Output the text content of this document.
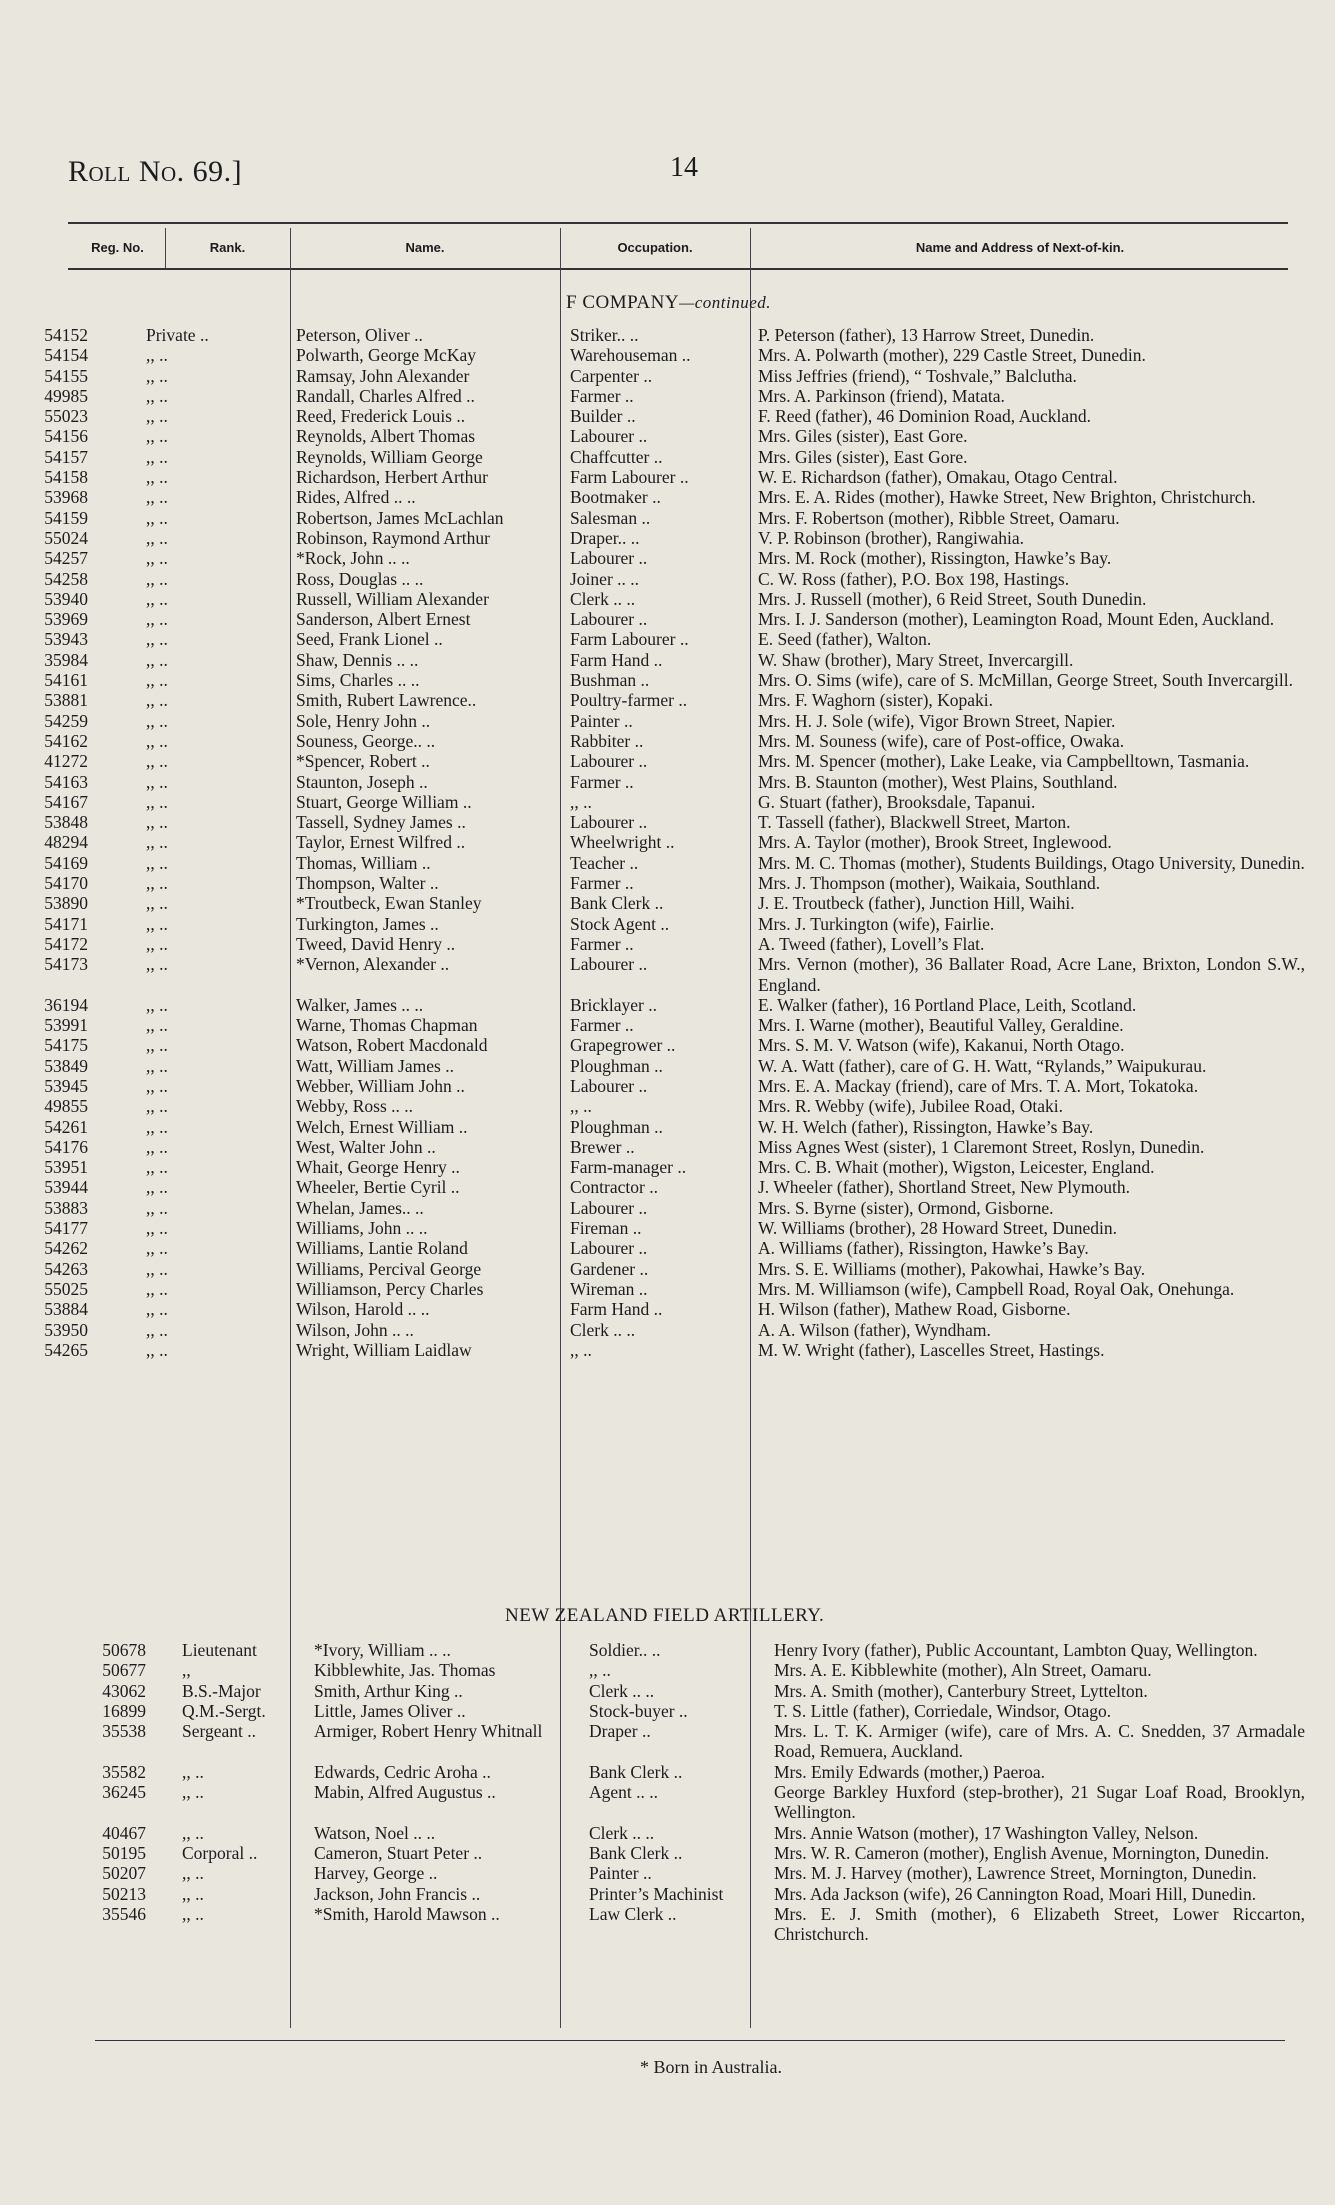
Roll No. 69.]	14
Reg. No.	Rank.	Name.	Occupation.	Name and Address of Next-of-kin.
F COMPANY—continued.
54152	Private ..	Peterson, Oliver ..	Striker.. ..	P. Peterson (father), 13 Harrow Street, Dunedin.
54154	,, ..	Polwarth, George McKay	Warehouseman ..	Mrs. A. Polwarth (mother), 229 Castle Street, Dunedin.
54155	,, ..	Ramsay, John Alexander	Carpenter ..	Miss Jeffries (friend), “ Toshvale,” Balclutha.
49985	,, ..	Randall, Charles Alfred ..	Farmer ..	Mrs. A. Parkinson (friend), Matata.
55023	,, ..	Reed, Frederick Louis ..	Builder ..	F. Reed (father), 46 Dominion Road, Auckland.
54156	,, ..	Reynolds, Albert Thomas	Labourer ..	Mrs. Giles (sister), East Gore.
54157	,, ..	Reynolds, William George	Chaffcutter ..	Mrs. Giles (sister), East Gore.
54158	,, ..	Richardson, Herbert Arthur	Farm Labourer ..	W. E. Richardson (father), Omakau, Otago Central.
53968	,, ..	Rides, Alfred .. ..	Bootmaker ..	Mrs. E. A. Rides (mother), Hawke Street, New Brighton, Christchurch.
54159	,, ..	Robertson, James McLachlan	Salesman ..	Mrs. F. Robertson (mother), Ribble Street, Oamaru.
55024	,, ..	Robinson, Raymond Arthur	Draper.. ..	V. P. Robinson (brother), Rangiwahia.
54257	,, ..	*Rock, John .. ..	Labourer ..	Mrs. M. Rock (mother), Rissington, Hawke’s Bay.
54258	,, ..	Ross, Douglas .. ..	Joiner .. ..	C. W. Ross (father), P.O. Box 198, Hastings.
53940	,, ..	Russell, William Alexander	Clerk .. ..	Mrs. J. Russell (mother), 6 Reid Street, South Dunedin.
53969	,, ..	Sanderson, Albert Ernest	Labourer ..	Mrs. I. J. Sanderson (mother), Leamington Road, Mount Eden, Auckland.
53943	,, ..	Seed, Frank Lionel ..	Farm Labourer ..	E. Seed (father), Walton.
35984	,, ..	Shaw, Dennis .. ..	Farm Hand ..	W. Shaw (brother), Mary Street, Invercargill.
54161	,, ..	Sims, Charles .. ..	Bushman ..	Mrs. O. Sims (wife), care of S. McMillan, George Street, South Invercargill.
53881	,, ..	Smith, Rubert Lawrence..	Poultry-farmer ..	Mrs. F. Waghorn (sister), Kopaki.
54259	,, ..	Sole, Henry John ..	Painter ..	Mrs. H. J. Sole (wife), Vigor Brown Street, Napier.
54162	,, ..	Souness, George.. ..	Rabbiter ..	Mrs. M. Souness (wife), care of Post-office, Owaka.
41272	,, ..	*Spencer, Robert ..	Labourer ..	Mrs. M. Spencer (mother), Lake Leake, via Campbelltown, Tasmania.
54163	,, ..	Staunton, Joseph ..	Farmer ..	Mrs. B. Staunton (mother), West Plains, Southland.
54167	,, ..	Stuart, George William ..	,, ..	G. Stuart (father), Brooksdale, Tapanui.
53848	,, ..	Tassell, Sydney James ..	Labourer ..	T. Tassell (father), Blackwell Street, Marton.
48294	,, ..	Taylor, Ernest Wilfred ..	Wheelwright ..	Mrs. A. Taylor (mother), Brook Street, Inglewood.
54169	,, ..	Thomas, William ..	Teacher ..	Mrs. M. C. Thomas (mother), Students Buildings, Otago University, Dunedin.
54170	,, ..	Thompson, Walter ..	Farmer ..	Mrs. J. Thompson (mother), Waikaia, Southland.
53890	,, ..	*Troutbeck, Ewan Stanley	Bank Clerk ..	J. E. Troutbeck (father), Junction Hill, Waihi.
54171	,, ..	Turkington, James ..	Stock Agent ..	Mrs. J. Turkington (wife), Fairlie.
54172	,, ..	Tweed, David Henry ..	Farmer ..	A. Tweed (father), Lovell’s Flat.
54173	,, ..	*Vernon, Alexander ..	Labourer ..	Mrs. Vernon (mother), 36 Ballater Road, Acre Lane, Brixton, London S.W., England.
36194	,, ..	Walker, James .. ..	Bricklayer ..	E. Walker (father), 16 Portland Place, Leith, Scotland.
53991	,, ..	Warne, Thomas Chapman	Farmer ..	Mrs. I. Warne (mother), Beautiful Valley, Geraldine.
54175	,, ..	Watson, Robert Macdonald	Grapegrower ..	Mrs. S. M. V. Watson (wife), Kakanui, North Otago.
53849	,, ..	Watt, William James ..	Ploughman ..	W. A. Watt (father), care of G. H. Watt, “Rylands,” Waipukurau.
53945	,, ..	Webber, William John ..	Labourer ..	Mrs. E. A. Mackay (friend), care of Mrs. T. A. Mort, Tokatoka.
49855	,, ..	Webby, Ross .. ..	,, ..	Mrs. R. Webby (wife), Jubilee Road, Otaki.
54261	,, ..	Welch, Ernest William ..	Ploughman ..	W. H. Welch (father), Rissington, Hawke’s Bay.
54176	,, ..	West, Walter John ..	Brewer ..	Miss Agnes West (sister), 1 Claremont Street, Roslyn, Dunedin.
53951	,, ..	Whait, George Henry ..	Farm-manager ..	Mrs. C. B. Whait (mother), Wigston, Leicester, England.
53944	,, ..	Wheeler, Bertie Cyril ..	Contractor ..	J. Wheeler (father), Shortland Street, New Plymouth.
53883	,, ..	Whelan, James.. ..	Labourer ..	Mrs. S. Byrne (sister), Ormond, Gisborne.
54177	,, ..	Williams, John .. ..	Fireman ..	W. Williams (brother), 28 Howard Street, Dunedin.
54262	,, ..	Williams, Lantie Roland	Labourer ..	A. Williams (father), Rissington, Hawke’s Bay.
54263	,, ..	Williams, Percival George	Gardener ..	Mrs. S. E. Williams (mother), Pakowhai, Hawke’s Bay.
55025	,, ..	Williamson, Percy Charles	Wireman ..	Mrs. M. Williamson (wife), Campbell Road, Royal Oak, Onehunga.
53884	,, ..	Wilson, Harold .. ..	Farm Hand ..	H. Wilson (father), Mathew Road, Gisborne.
53950	,, ..	Wilson, John .. ..	Clerk .. ..	A. A. Wilson (father), Wyndham.
54265	,, ..	Wright, William Laidlaw	,, ..	M. W. Wright (father), Lascelles Street, Hastings.
NEW ZEALAND FIELD ARTILLERY.
50678	Lieutenant	*Ivory, William .. ..	Soldier.. ..	Henry Ivory (father), Public Accountant, Lambton Quay, Wellington.
50677	,,	Kibblewhite, Jas. Thomas	,, ..	Mrs. A. E. Kibblewhite (mother), Aln Street, Oamaru.
43062	B.S.-Major	Smith, Arthur King ..	Clerk .. ..	Mrs. A. Smith (mother), Canterbury Street, Lyttelton.
16899	Q.M.-Sergt.	Little, James Oliver ..	Stock-buyer ..	T. S. Little (father), Corriedale, Windsor, Otago.
35538	Sergeant ..	Armiger, Robert Henry Whitnall	Draper ..	Mrs. L. T. K. Armiger (wife), care of Mrs. A. C. Snedden, 37 Armadale Road, Remuera, Auckland.
35582	,, ..	Edwards, Cedric Aroha ..	Bank Clerk ..	Mrs. Emily Edwards (mother,) Paeroa.
36245	,, ..	Mabin, Alfred Augustus ..	Agent .. ..	George Barkley Huxford (step-brother), 21 Sugar Loaf Road, Brooklyn, Wellington.
40467	,, ..	Watson, Noel .. ..	Clerk .. ..	Mrs. Annie Watson (mother), 17 Washington Valley, Nelson.
50195	Corporal ..	Cameron, Stuart Peter ..	Bank Clerk ..	Mrs. W. R. Cameron (mother), English Avenue, Mornington, Dunedin.
50207	,, ..	Harvey, George ..	Painter ..	Mrs. M. J. Harvey (mother), Lawrence Street, Mornington, Dunedin.
50213	,, ..	Jackson, John Francis ..	Printer’s Machinist	Mrs. Ada Jackson (wife), 26 Cannington Road, Moari Hill, Dunedin.
35546	,, ..	*Smith, Harold Mawson ..	Law Clerk ..	Mrs. E. J. Smith (mother), 6 Elizabeth Street, Lower Riccarton, Christchurch.
* Born in Australia.
